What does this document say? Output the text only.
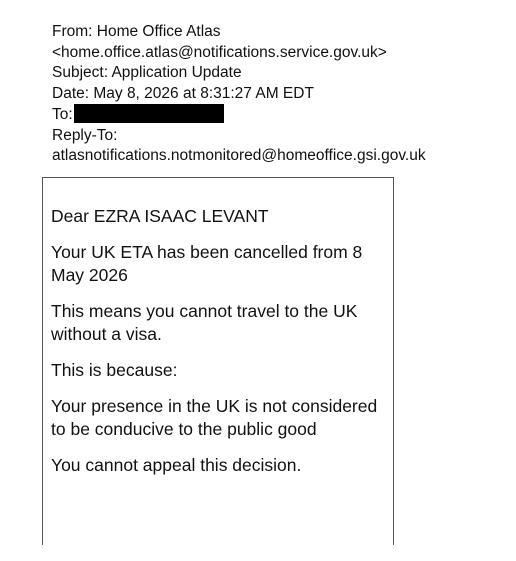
From: Home Office Atlas
<home.office.atlas@notifications.service.gov.uk>
Subject: Application Update
Date: May 8, 2026 at 8:31:27 AM EDT
To:
Reply-To:
atlasnotifications.notmonitored@homeoffice.gsi.gov.uk
Dear EZRA ISAAC LEVANT
Your UK ETA has been cancelled from 8 May 2026
This means you cannot travel to the UK without a visa.
This is because:
Your presence in the UK is not considered to be conducive to the public good
You cannot appeal this decision.
